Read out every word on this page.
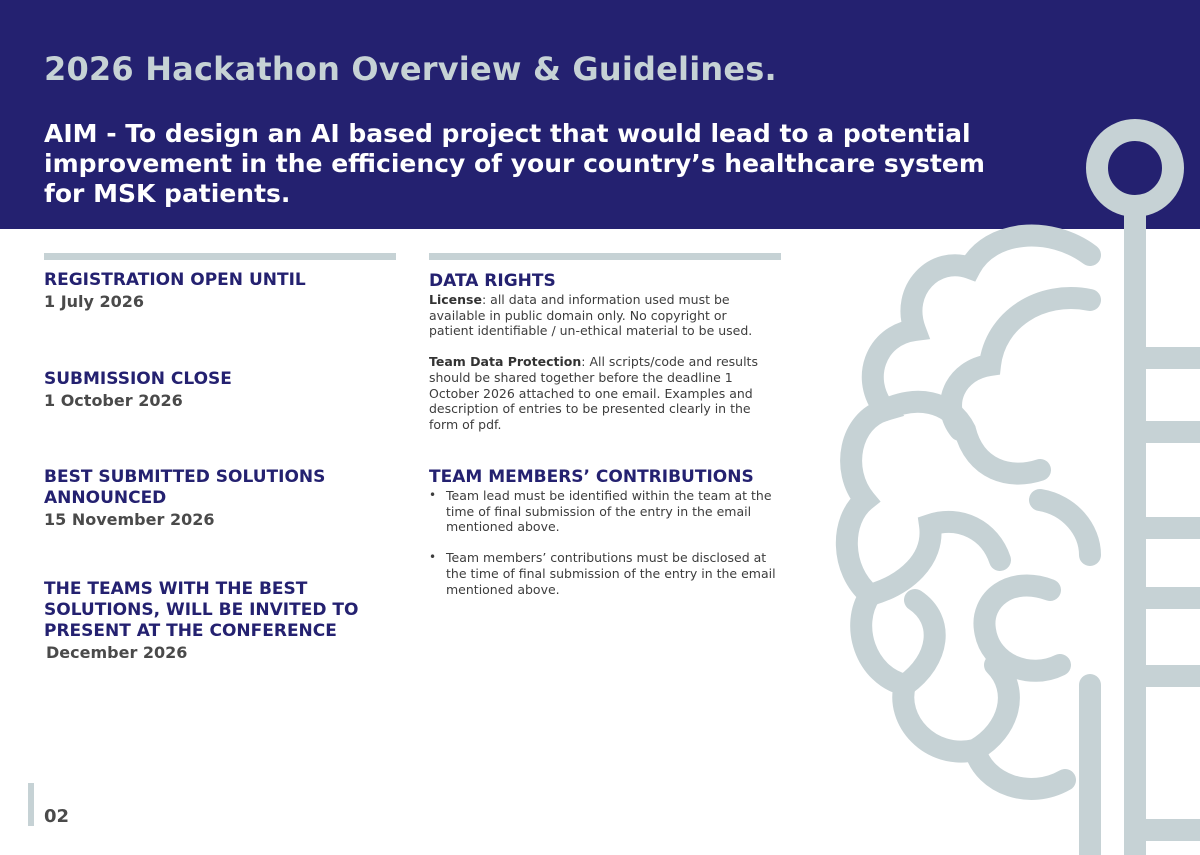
2026 Hackathon Overview & Guidelines.

AIM - To design an AI based project that would lead to a potential
improvement in the efficiency of your country’s healthcare system
for MSK patients.

REGISTRATION OPEN UNTIL

1 July 2026

SUBMISSION CLOSE

1 October 2026

BEST SUBMITTED SOLUTIONS

ANNOUNCED

15 November 2026

THE TEAMS WITH THE BEST

SOLUTIONS, WILL BE INVITED TO

PRESENT AT THE CONFERENCE

December 2026

DATA RIGHTS

License: all data and information used must be
available in public domain only. No copyright or
patient identifiable / un-ethical material to be used.

Team Data Protection: All scripts/code and results
should be shared together before the deadline 1
October 2026 attached to one email. Examples and
description of entries to be presented clearly in the
form of pdf.

TEAM MEMBERS’ CONTRIBUTIONS

• Team lead must be identified within the team at the
time of final submission of the entry in the email
mentioned above.
• Team members’ contributions must be disclosed at
the time of final submission of the entry in the email
mentioned above.
02
